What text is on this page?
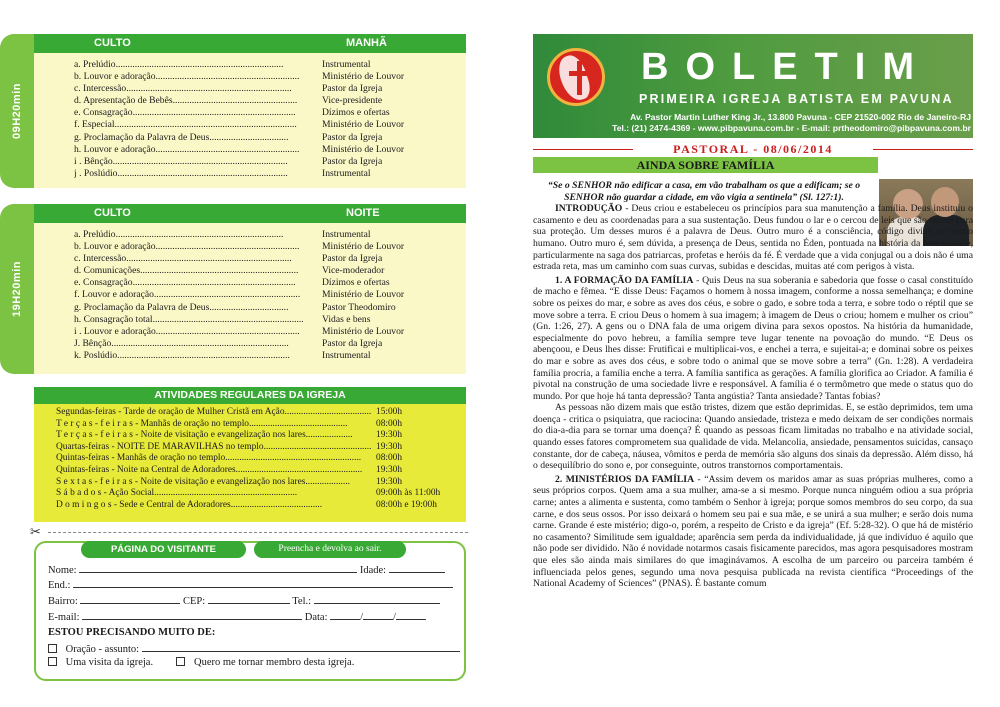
09H20min
CULTO	MANHÃ
a. Prelúdio......................................................................	Instrumental
b. Louvor e adoração............................................................	Ministério de Louvor
c. Intercessão.....................................................................	Pastor da Igreja
d. Apresentação de Bebês....................................................	Vice-presidente
e. Consagração....................................................................	Dízimos e ofertas
f. Especial............................................................................	Ministério de Louvor
g. Proclamação da Palavra de Deus.................................	Pastor da Igreja
h. Louvor e adoração............................................................	Ministério de Louvor
i . Bênção.........................................................................	Pastor da Igreja
j . Poslúdio.......................................................................	Instrumental
19H20min
CULTO	NOITE
a. Prelúdio......................................................................	Instrumental
b. Louvor e adoração............................................................	Ministério de Louvor
c. Intercessão.....................................................................	Pastor da Igreja
d. Comunicações..................................................................	Vice-moderador
e. Consagração....................................................................	Dízimos e ofertas
f. Louvor e adoração.............................................................	Ministério de Louvor
g. Proclamação da Palavra de Deus.................................	Pastor Theodomiro
h. Consagração total...............................................................	Vidas e bens
i . Louvor e adoração............................................................	Ministério de Louvor
J. Bênção..........................................................................	Pastor da Igreja
k. Poslúdio........................................................................	Instrumental
ATIVIDADES REGULARES DA IGREJA
Segundas-feiras - Tarde de oração de Mulher Cristã em Ação..................................... 15:00h
T e r ç a s - f e i r a s - Manhãs de oração no templo..........................................	08:00h
T e r ç a s - f e i r a s - Noite de visitação e evangelização nos lares....................	19:30h
Quartas-feiras - NOITE DE MARAVILHAS no templo.............................................. 19:30h
Quintas-feiras - Manhãs de oração no templo..........................................................	08:00h
Quintas-feiras - Noite na Central de Adoradores......................................................	19:30h
S e x t a s - f e i r a s - Noite de visitação e evangelização nos lares...................	19:30h
S á b a d o s - Ação Social.............................................................	09:00h às 11:00h
D o m i n g o s - Sede e Central de Adoradores.......................................	08:00h e 19:00h
✂
PÁGINA DO VISITANTE	Preencha e devolva ao sair.
Nome:	Idade:
End.:
Bairro:	CEP:	Tel.:
E-mail:	Data:	/	/
ESTOU PRECISANDO MUITO DE:
Oração - assunto:
Uma visita da igreja.	Quero me tornar membro desta igreja.
BOLETIM
PRIMEIRA IGREJA BATISTA EM PAVUNA
Av. Pastor Martin Luther King Jr., 13.800 Pavuna - CEP 21520-002 Rio de Janeiro-RJ
Tel.: (21) 2474-4369 - www.pibpavuna.com.br - E-mail: prtheodomiro@pibpavuna.com.br
PASTORAL - 08/06/2014
AINDA SOBRE FAMÍLIA

“Se o SENHOR não edificar a casa, em vão trabalham os que a edificam; se o SENHOR não guardar a cidade, em vão vigia a sentinela” (Sl. 127:1).

INTRODUÇÃO - Deus criou e estabeleceu os princípios para sua manutenção a família. Deus instituiu o casamento e deu as coordenadas para a sua sustentação. Deus fundou o lar e o cercou de leis que são muros para sua proteção. Um desses muros é a palavra de Deus. Outro muro é a consciência, código divino no corpo humano. Outro muro é, sem dúvida, a presença de Deus, sentida no Éden, pontuada na história da humanidade, particularmente na saga dos patriarcas, profetas e heróis da fé. É verdade que a vida conjugal ou a dois não é uma estrada reta, mas um caminho com suas curvas, subidas e descidas, muitas até com perigos à vista.

1. A FORMAÇÃO DA FAMÍLIA - Quis Deus na sua soberania e sabedoria que fosse o casal constituído de macho e fêmea. “E disse Deus: Façamos o homem à nossa imagem, conforme a nossa semelhança; e domine sobre os peixes do mar, e sobre as aves dos céus, e sobre o gado, e sobre toda a terra, e sobre todo o réptil que se move sobre a terra. E criou Deus o homem à sua imagem; à imagem de Deus o criou; homem e mulher os criou” (Gn. 1:26, 27). A gens ou o DNA fala de uma origem divina para sexos opostos. Na história da humanidade, especialmente do povo hebreu, a família sempre teve lugar tenente na povoação do mundo. “E Deus os abençoou, e Deus lhes disse: Frutificai e multiplicai-vos, e enchei a terra, e sujeitai-a; e dominai sobre os peixes do mar e sobre as aves dos céus, e sobre todo o animal que se move sobre a terra” (Gn. 1:28). A verdadeira família procria, a família enche a terra. A família santifica as gerações. A família glorifica ao Criador. A família é pivotal na construção de uma sociedade livre e responsável. A família é o termômetro que mede o status quo do mundo. Por que hoje há tanta depressão? Tanta angústia? Tanta ansiedade? Tantas fobias?

As pessoas não dizem mais que estão tristes, dizem que estão deprimidas. E, se estão deprimidos, tem uma doença - critica o psiquiatra, que raciocina: Quando ansiedade, tristeza e medo deixam de ser condições normais do dia-a-dia para se tornar uma doença? É quando as pessoas ficam limitadas no trabalho e na atividade social, quando esses fatores comprometem sua qualidade de vida. Melancolia, ansiedade, pensamentos suicidas, cansaço constante, dor de cabeça, náusea, vômitos e perda de memória são alguns dos sinais da depressão. Além disso, há o desequilíbrio do sono e, por conseguinte, outros transtornos comportamentais.

2. MINISTÉRIOS DA FAMÍLIA - “Assim devem os maridos amar as suas próprias mulheres, como a seus próprios corpos. Quem ama a sua mulher, ama-se a si mesmo. Porque nunca ninguém odiou a sua própria carne; antes a alimenta e sustenta, como também o Senhor à igreja; porque somos membros do seu corpo, da sua carne, e dos seus ossos. Por isso deixará o homem seu pai e sua mãe, e se unirá a sua mulher; e serão dois numa carne. Grande é este mistério; digo-o, porém, a respeito de Cristo e da igreja” (Ef. 5:28-32). O que há de mistério no casamento? Similitude sem igualdade; aparência sem perda da individualidade, já que indivíduo é aquilo que não pode ser dividido. Não é novidade notarmos casais fisicamente parecidos, mas agora pesquisadores mostram que eles são ainda mais similares do que imaginávamos. A escolha de um parceiro ou parceira também é influenciada pelos genes, segundo uma nova pesquisa publicada na revista científica “Proceedings of the National Academy of Sciences” (PNAS). É bastante comum
